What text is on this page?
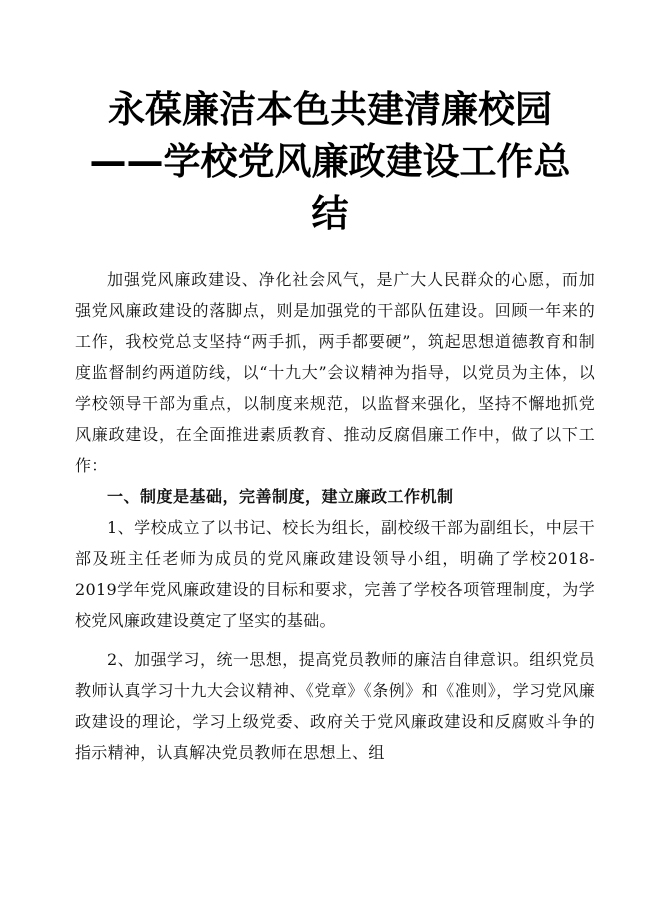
永葆廉洁本色共建清廉校园
——学校党风廉政建设工作总
结

加强党风廉政建设、净化社会风气，是广大人民群众的心愿，而加强党风廉政建设的落脚点，则是加强党的干部队伍建设。回顾一年来的工作，我校党总支坚持“两手抓，两手都要硬”，筑起思想道德教育和制度监督制约两道防线，以“十九大”会议精神为指导，以党员为主体，以学校领导干部为重点，以制度来规范，以监督来强化，坚持不懈地抓党风廉政建设，在全面推进素质教育、推动反腐倡廉工作中，做了以下工作：

一、制度是基础，完善制度，建立廉政工作机制

1、学校成立了以书记、校长为组长，副校级干部为副组长，中层干部及班主任老师为成员的党风廉政建设领导小组，明确了学校2018-2019学年党风廉政建设的目标和要求，完善了学校各项管理制度，为学校党风廉政建设奠定了坚实的基础。

2、加强学习，统一思想，提高党员教师的廉洁自律意识。组织党员教师认真学习十九大会议精神、《党章》《条例》和《准则》，学习党风廉政建设的理论，学习上级党委、政府关于党风廉政建设和反腐败斗争的指示精神，认真解决党员教师在思想上、组
